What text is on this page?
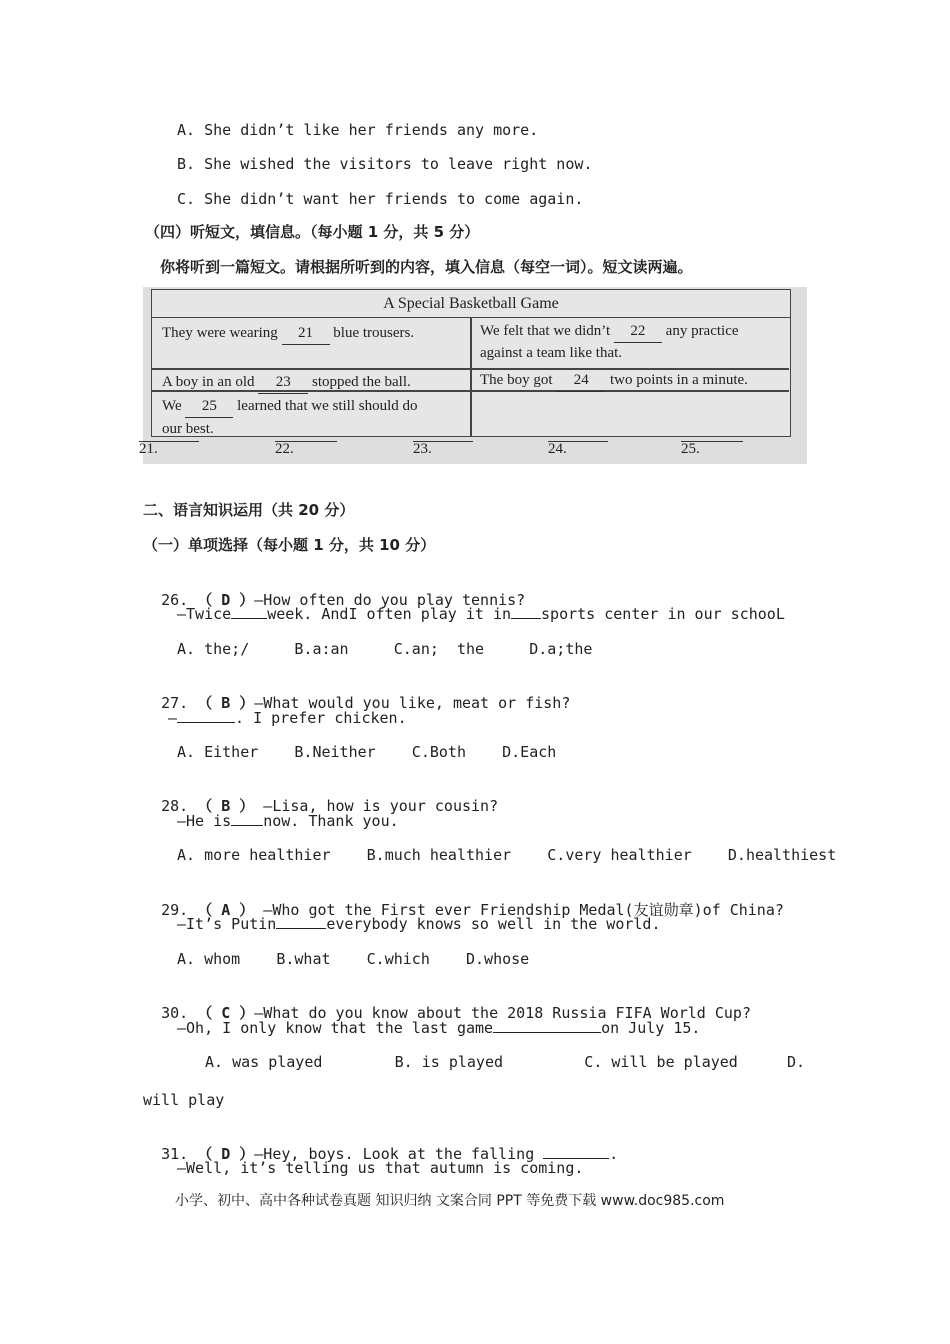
A. She didn’t like her friends any more.
B. She wished the visitors to leave right now.
C. She didn’t want her friends to come again.
（四）听短文，填信息。（每小题 1 分，共 5 分）
你将听到一篇短文。请根据所听到的内容，填入信息（每空一词）。短文读两遍。
A Special Basketball Game
They were wearing 21 blue trousers.	We felt that we didn’t 22 any practice
against a team like that.
A boy in an old 23 stopped the ball.	The boy got 24 two points in a minute.
We 25 learned that we still should do
our best.
21.	22.	23.	24.	25.
二、语言知识运用（共 20 分）
（一）单项选择（每小题 1 分，共 10 分）

26. （ D ）—How often do you play tennis?

—Twice week. AndI often play it in sports center in our schooL
A. the;/     B.a:an     C.an;  the     D.a;the

27. （ B ）—What would you like, meat or fish?

—	. I prefer chicken.
A. Either    B.Neither    C.Both    D.Each

28. （ B ） —Lisa, how is your cousin?

—He is now. Thank you.
A. more healthier    B.much healthier    C.very healthier    D.healthiest

29. （ A ） —Who got the First ever Friendship Medal(友谊勋章)of China?

—It’s Putin	everybody knows so well in the world.
A. whom    B.what    C.which    D.whose

30. （ C ）—What do you know about the 2018 Russia FIFA World Cup?

—Oh, I only know that the last game	on July 15.
A. was played        B. is played         C. will be played	D.
will play

31. （ D ）—Hey, boys. Look at the falling	.

—Well, it’s telling us that autumn is coming.
小学、初中、高中各种试卷真题 知识归纳 文案合同 PPT 等免费下载 www.doc985.com
